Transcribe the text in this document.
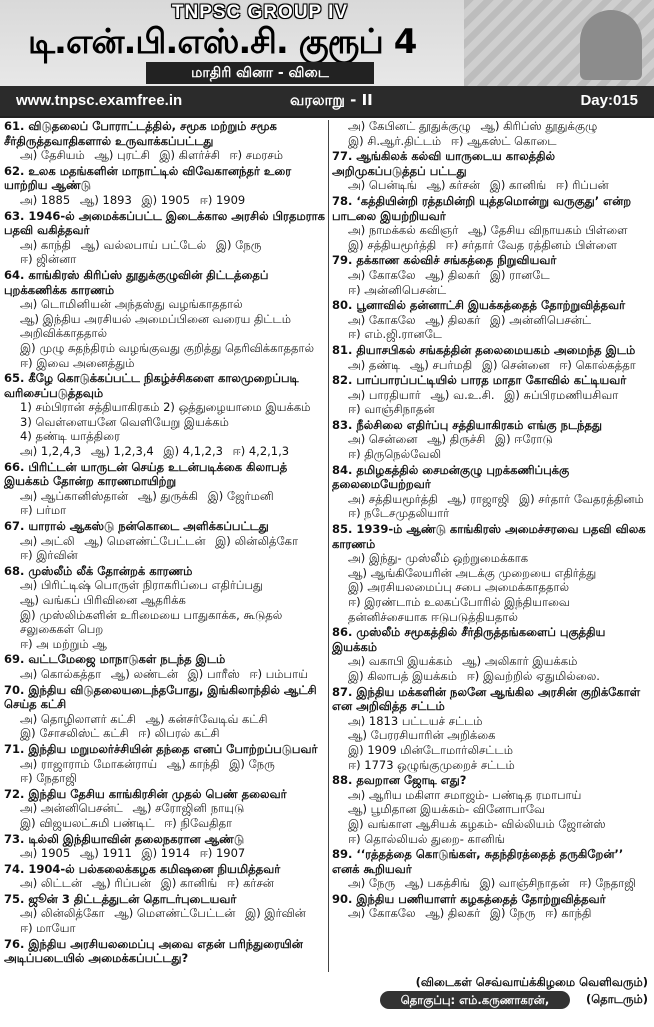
TNPSC GROUP IV
டி.என்.பி.எஸ்.சி. குரூப் 4
மாதிரி வினா - விடை
www.tnpsc.examfree.in	வரலாறு - II	Day:015
61. விடுதலைப் போராட்டத்தில், சமூக மற்றும் சமூக சீர்திருத்தவாதிகளால் உருவாக்கப்பட்டது
அ) தேசியம் ஆ) புரட்சி இ) கிளர்ச்சி ஈ) சமரசம்
62. உலக மதங்களின் மாநாட்டில் விவேகானந்தர் உரை யாற்றிய ஆண்டு
அ) 1885 ஆ) 1893 இ) 1905 ஈ) 1909
63. 1946-ல் அமைக்கப்பட்ட இடைக்கால அரசில் பிரதமராக பதவி வகித்தவர்
அ) காந்தி ஆ) வல்லபாய் பட்டேல் இ) நேரு ஈ) ஜின்னா
64. காங்கிரஸ் கிரிப்ஸ் தூதுக்குழுவின் திட்டத்தைப் புறக்கணிக்க காரணம்
அ) டொமினியன் அந்தஸ்து வழங்காததால்
ஆ) இந்திய அரசியல் அமைப்பினை வரைய திட்டம் அறிவிக்காததால்
இ) முழு சுதந்திரம் வழங்குவது குறித்து தெரிவிக்காததால்
ஈ) இவை அனைத்தும்
65. கீழே கொடுக்கப்பட்ட நிகழ்ச்சிகளை காலமுறைப்படி வரிசைப்படுத்தவும்
1) சம்பிரான் சத்தியாகிரகம் 2) ஒத்துழையாமை இயக்கம்
3) வெள்ளையனே வெளியேறு இயக்கம்
4) தண்டி யாத்திரை
அ) 1,2,4,3 ஆ) 1,2,3,4 இ) 4,1,2,3 ஈ) 4,2,1,3
66. பிரிட்டன் யாருடன் செய்த உடன்படிக்கை கிலாபத் இயக்கம் தோன்ற காரணமாயிற்று
அ) ஆப்கானிஸ்தான் ஆ) துருக்கி இ) ஜேர்மனி ஈ) பர்மா
67. யாரால் ஆகஸ்டு நன்கொடை அளிக்கப்பட்டது
அ) அட்லி ஆ) மௌண்ட்பேட்டன் இ) லின்லித்கோ ஈ) இர்வின்
68. முஸ்லீம் லீக் தோன்றக் காரணம்
அ) பிரிட்டிஷ் பொருள் நிராகரிப்பை எதிர்ப்பது
ஆ) வங்கப் பிரிவினை ஆதரிக்க
இ) முஸ்லிம்களின் உரிமையை பாதுகாக்க, கூடுதல் சலுகைகள் பெற
ஈ) அ மற்றும் ஆ
69. வட்டமேஜை மாநாடுகள் நடந்த இடம்
அ) கொல்கத்தா ஆ) லண்டன் இ) பாரீஸ் ஈ) பம்பாய்
70. இந்திய விடுதலையடைந்தபோது, இங்கிலாந்தில் ஆட்சி செய்த கட்சி
அ) தொழிலாளர் கட்சி ஆ) கன்சர்வேடிவ் கட்சி இ) சோசலிஸ்ட் கட்சி ஈ) லிபரல் கட்சி
71. இந்திய மறுமலர்ச்சியின் தந்தை எனப் போற்றப்படுபவர்
அ) ராஜாராம் மோகன்ராய் ஆ) காந்தி இ) நேரு ஈ) நேதாஜி
72. இந்திய தேசிய காங்கிரசின் முதல் பெண் தலைவர்
அ) அன்னிபெசன்ட் ஆ) சரோஜினி நாயுடு இ) விஜயலட்சுமி பண்டிட் ஈ) நிவேதிதா
73. டில்லி இந்தியாவின் தலைநகரான ஆண்டு
அ) 1905 ஆ) 1911 இ) 1914 ஈ) 1907
74. 1904-ல் பல்கலைக்கழக கமிஷனை நியமித்தவர்
அ) லிட்டன் ஆ) ரிப்பன் இ) கானிங் ஈ) கர்சன்
75. ஜூன் 3 திட்டத்துடன் தொடர்புடையவர்
அ) லின்லித்கோ ஆ) மௌண்ட்பேட்டன் இ) இர்வின் ஈ) மாயோ
76. இந்திய அரசியலமைப்பு அவை எதன் பரிந்துரையின் அடிப்படையில் அமைக்கப்பட்டது?
அ) கேபினட் தூதுக்குழு ஆ) கிரிப்ஸ் தூதுக்குழு இ) சி.ஆர்.திட்டம் ஈ) ஆகஸ்ட் கொடை
77. ஆங்கிலக் கல்வி யாருடைய காலத்தில் அறிமுகப்படுத்தப் பட்டது
அ) பென்டிங் ஆ) கர்சன் இ) கானிங் ஈ) ரிப்பன்
78. ‘கத்தியின்றி ரத்தமின்றி யுத்தமொன்று வருகுது’ என்ற பாடலை இயற்றியவர்
அ) நாமக்கல் கவிஞர் ஆ) தேசிய விநாயகம் பிள்ளை இ) சத்தியமூர்த்தி ஈ) சர்தார் வேத ரத்தினம் பிள்ளை
79. தக்காண கல்விச் சங்கத்தை நிறுவியவர்
அ) கோகலே ஆ) திலகர் இ) ரானடே ஈ) அன்னிபெசன்ட்
80. பூனாவில் தன்னாட்சி இயக்கத்தைத் தோற்றுவித்தவர்
அ) கோகலே ஆ) திலகர் இ) அன்னிபெசன்ட் ஈ) எம்.ஜி.ரானடே
81. தியாசபிகல் சங்கத்தின் தலைமையகம் அமைந்த இடம்
அ) தண்டி ஆ) சபர்மதி இ) சென்னை ஈ) கொல்கத்தா
82. பாப்பாரப்பட்டியில் பாரத மாதா கோவில் கட்டியவர்
அ) பாரதியார் ஆ) வ.உ.சி. இ) சுப்பிரமணியசிவா ஈ) வாஞ்சிநாதன்
83. நீல்சிலை எதிர்ப்பு சத்தியாகிரகம் எங்கு நடந்தது
அ) சென்னை ஆ) திருச்சி இ) ஈரோடு ஈ) திருநெல்வேலி
84. தமிழகத்தில் சைமன்குழு புறக்கணிப்புக்கு தலைமையேற்றவர்
அ) சத்தியமூர்த்தி ஆ) ராஜாஜி இ) சர்தார் வேதரத்தினம் ஈ) நடேசமுதலியார்
85. 1939-ம் ஆண்டு காங்கிரஸ் அமைச்சரவை பதவி விலக காரணம்
அ) இந்து- முஸ்லீம் ஒற்றுமைக்காக
ஆ) ஆங்கிலேயரின் அடக்கு முறையை எதிர்த்து
இ) அரசியலமைப்பு சபை அமைக்காததால்
ஈ) இரண்டாம் உலகப்போரில் இந்தியாவை தன்னிச்சையாக ஈடுபடுத்தியதால்
86. முஸ்லீம் சமூகத்தில் சீர்திருத்தங்களைப் புகுத்திய இயக்கம்
அ) வகாபி இயக்கம் ஆ) அலிகார் இயக்கம் இ) கிலாபத் இயக்கம் ஈ) இவற்றில் ஏதுமில்லை.
87. இந்திய மக்களின் நலனே ஆங்கில அரசின் குறிக்கோள் என அறிவித்த சட்டம்
அ) 1813 பட்டயச் சட்டம்
ஆ) பேரரசியாரின் அறிக்கை
இ) 1909 மின்டோமார்லிசட்டம்
ஈ) 1773 ஒழுங்குமுறைச் சட்டம்
88. தவறான ஜோடி எது?
அ) ஆரிய மகிளா சமாஜம்- பண்டித ரமாபாய்
ஆ) பூமிதான இயக்கம்- வினோபாவே
இ) வங்காள ஆசியக் கழகம்- வில்லியம் ஜோன்ஸ்
ஈ) தொல்லியல் துறை- கானிங்
89. ‘‘ரத்தத்தை கொடுங்கள், சுதந்திரத்தைத் தருகிறேன்’’ எனக் கூறியவர்
அ) நேரு ஆ) பகத்சிங் இ) வாஞ்சிநாதன் ஈ) நேதாஜி
90. இந்திய பணியாளர் கழகத்தைத் தோற்றுவித்தவர்
அ) கோகலே ஆ) திலகர் இ) நேரு ஈ) காந்தி
(விடைகள் செவ்வாய்க்கிழமை வெளிவரும்)
தொகுப்பு: எம்.கருணாகரன், மதுரை.
(தொடரும்)
